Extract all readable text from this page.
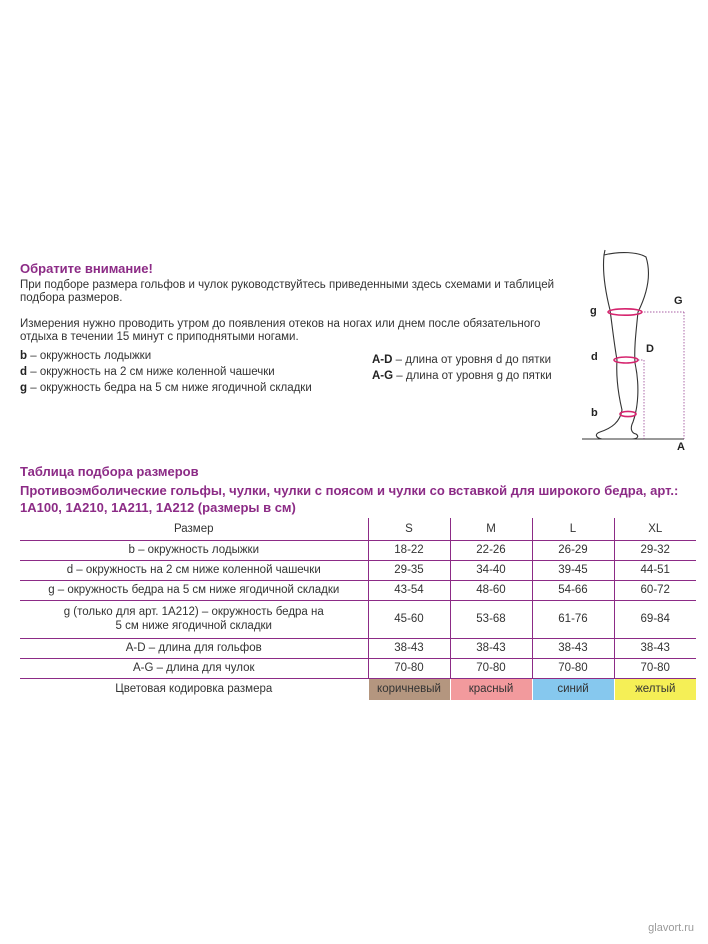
Обратите внимание!
При подборе размера гольфов и чулок руководствуйтесь приведенными здесь схемами и таблицей подбора размеров.
Измерения нужно проводить утром до появления отеков на ногах или днем после обязательного отдыха в течении 15 минут с приподнятыми ногами.
b – окружность лодыжки
d – окружность на 2 см ниже коленной чашечки
g – окружность бедра на 5 см ниже ягодичной складки
A-D – длина от уровня d до пятки
A-G – длина от уровня g до пятки
g
G
d
D
b
A
Таблица подбора размеров
Противоэмболические гольфы, чулки, чулки с поясом и чулки со вставкой для широкого бедра, арт.: 1А100, 1А210, 1А211, 1А212 (размеры в см)
Размер	S	M	L	XL
b – окружность лодыжки	18-22	22-26	26-29	29-32
d – окружность на 2 см ниже коленной чашечки	29-35	34-40	39-45	44-51
g – окружность бедра на 5 см ниже ягодичной складки	43-54	48-60	54-66	60-72
g (только для арт. 1А212) – окружность бедра на 5 см ниже ягодичной складки	45-60	53-68	61-76	69-84
A-D – длина для гольфов	38-43	38-43	38-43	38-43
A-G – длина для чулок	70-80	70-80	70-80	70-80
Цветовая кодировка размера	коричневый	красный	синий	желтый
glavort.ru
